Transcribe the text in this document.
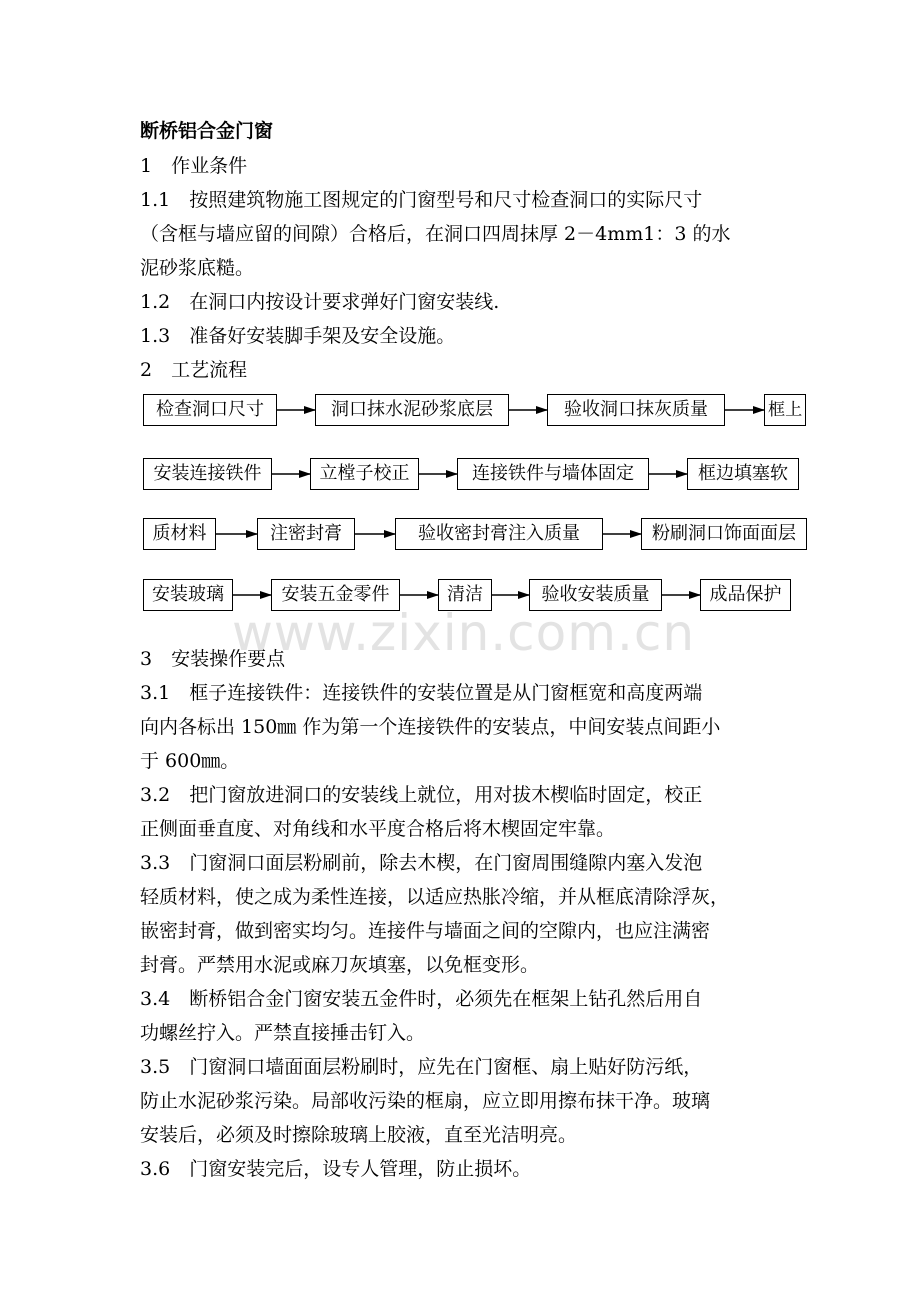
断桥铝合金门窗

1　作业条件

1.1　按照建筑物施工图规定的门窗型号和尺寸检查洞口的实际尺寸

（含框与墙应留的间隙）合格后，在洞口四周抹厚 2－4mm1：3 的水

泥砂浆底糙。

1.2　在洞口内按设计要求弹好门窗安装线.

1.3　准备好安装脚手架及安全设施。

2　工艺流程

检查洞口尺寸	洞口抹水泥砂浆底层	验收洞口抹灰质量	框上
安装连接铁件	立樘子校正	连接铁件与墙体固定	框边填塞软
质材料	注密封膏	验收密封膏注入质量	粉刷洞口饰面面层
安装玻璃	安装五金零件	清洁	验收安装质量	成品保护
www.zixin.com.cn

3　安装操作要点

3.1　框子连接铁件：连接铁件的安装位置是从门窗框宽和高度两端

向内各标出 150㎜ 作为第一个连接铁件的安装点，中间安装点间距小

于 600㎜。

3.2　把门窗放进洞口的安装线上就位，用对拔木楔临时固定，校正

正侧面垂直度、对角线和水平度合格后将木楔固定牢靠。

3.3　门窗洞口面层粉刷前，除去木楔，在门窗周围缝隙内塞入发泡

轻质材料，使之成为柔性连接，以适应热胀冷缩，并从框底清除浮灰，

嵌密封膏，做到密实均匀。连接件与墙面之间的空隙内，也应注满密

封膏。严禁用水泥或麻刀灰填塞，以免框变形。

3.4　断桥铝合金门窗安装五金件时，必须先在框架上钻孔然后用自

功螺丝拧入。严禁直接捶击钉入。

3.5　门窗洞口墙面面层粉刷时，应先在门窗框、扇上贴好防污纸，

防止水泥砂浆污染。局部收污染的框扇，应立即用擦布抹干净。玻璃

安装后，必须及时擦除玻璃上胶液，直至光洁明亮。

3.6　门窗安装完后，设专人管理，防止损坏。
